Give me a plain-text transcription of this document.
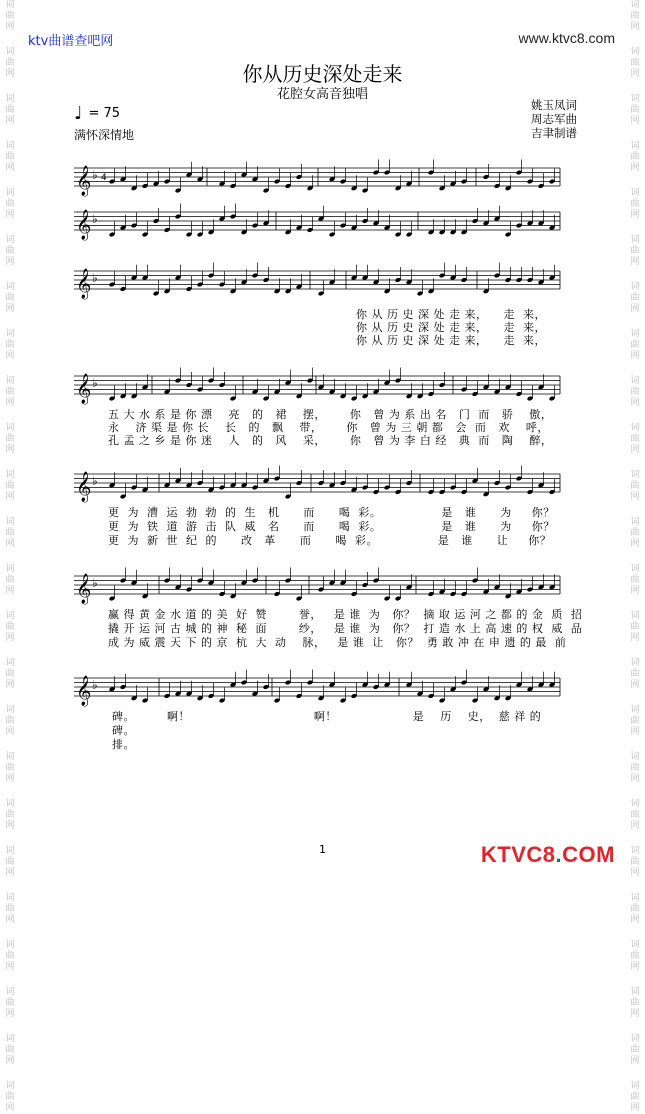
词
曲
网
词
曲
网
词
曲
网
词
曲
网
词
曲
网
词
曲
网
词
曲
网
词
曲
网
词
曲
网
词
曲
网
词
曲
网
词
曲
网
词
曲
网
词
曲
网
词
曲
网
词
曲
网
词
曲
网
词
曲
网
词
曲
网
词
曲
网
词
曲
网
词
曲
网
词
曲
网
词
曲
网
词
曲
网
词
曲
网
词
曲
网
词
曲
网
词
曲
网
词
曲
网
词
曲
网
词
曲
网
词
曲
网
词
曲
网
词
曲
网
词
曲
网
词
曲
网
词
曲
网
词
曲
网
词
曲
网
词
曲
网
词
曲
网
词
曲
网
词
曲
网
词
曲
网
词
曲
网
词
曲
网
词
曲
网
ktv曲谱查吧网	www.ktvc8.com
你从历史深处走来
花腔女高音独唱
♩ = 75
满怀深情地
姚玉凤词
周志军曲
吉聿制谱
𝄞 ♭ 4
𝄞 ♭
𝄞 ♭
𝄞 ♭
𝄞 ♭
𝄞 ♭
𝄞 ♭
你 从 历 史 深 处 走 来，    走  来，
你 从 历 史 深 处 走 来，    走  来，
你 从 历 史 深 处 走 来，    走  来，
五 大 水 系 是 你 漂    亮   的   裙    摆，      你   曾 为 系 出 名   门  而   骄    傲，
永    济 渠 是 你 长    长   的   飘    带，      你   曾 为 三 朝 都   会  而   欢    呼，
孔 孟 之 乡 是 你 迷    人   的   风    采，      你   曾 为 李 白 经   典  而   陶    醉，
更  为  漕  运  勃  勃  的  生   机      而      喝  彩。               是   谁      为     你？
更  为  铁  道  游  击  队  威   名      而      喝  彩。               是   谁      为     你？
更  为  新  世  纪  的      改   革      而      喝  彩。               是   谁      让     你？
赢 得 黄 金 水 道 的 美  好  赞        誉，   是 谁  为   你？  摘 取 运 河 之 都 的 金  质  招
撬 开 运 河 古 城 的 神  秘  面        纱，   是 谁  为   你？  打 造 水 上 高 速 的 权  威  品
成 为 威 震 天 下 的 京  杭  大  动    脉，   是 谁  让   你？  勇 敢 冲 在 申 遗 的 最  前
碑。        啊！                               啊！                   是    历    史，  慈 祥 的
碑。
排。
1	KTVC8.COM
